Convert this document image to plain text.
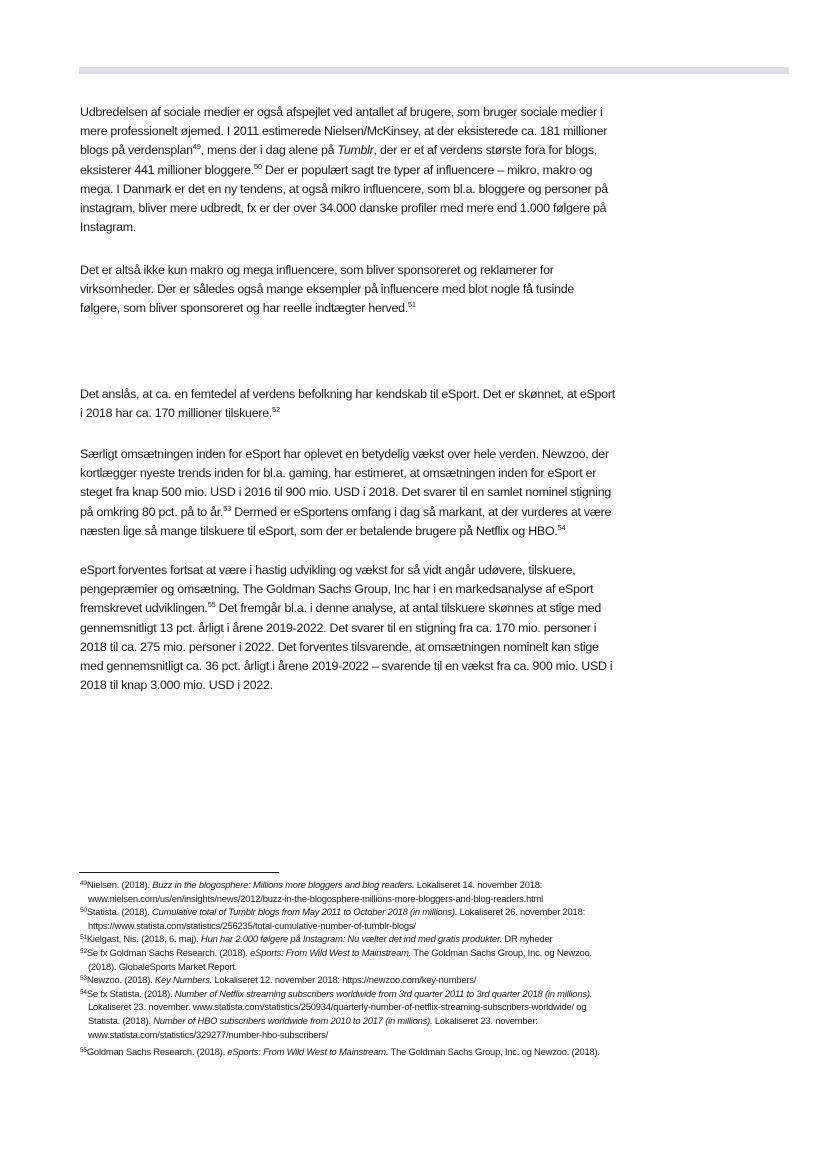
Udbredelsen af sociale medier er også afspejlet ved antallet af brugere, som bruger sociale medier i mere professionelt øjemed. I 2011 estimerede Nielsen/McKinsey, at der eksisterede ca. 181 millioner blogs på verdensplan$^{49}$, mens der i dag alene på Tumblr, der er et af verdens største fora for blogs, eksisterer 441 millioner bloggere.$^{50}$ Der er populært sagt tre typer af influencere – mikro, makro og mega. I Danmark er det en ny tendens, at også mikro influencere, som bl.a. bloggere og personer på instagram, bliver mere udbredt, fx er der over 34.000 danske profiler med mere end 1.000 følgere på Instagram.

Det er altså ikke kun makro og mega influencere, som bliver sponsoreret og reklamerer for virksomheder. Der er således også mange eksempler på influencere med blot nogle få tusinde følgere, som bliver sponsoreret og har reelle indtægter herved.$^{51}$

Det anslås, at ca. en femtedel af verdens befolkning har kendskab til eSport. Det er skønnet, at eSport i 2018 har ca. 170 millioner tilskuere.$^{52}$

Særligt omsætningen inden for eSport har oplevet en betydelig vækst over hele verden. Newzoo, der kortlægger nyeste trends inden for bl.a. gaming, har estimeret, at omsætningen inden for eSport er steget fra knap 500 mio. USD i 2016 til 900 mio. USD i 2018. Det svarer til en samlet nominel stigning på omkring 80 pct. på to år.$^{53}$ Dermed er eSportens omfang i dag så markant, at der vurderes at være næsten lige så mange tilskuere til eSport, som der er betalende brugere på Netflix og HBO.$^{54}$

eSport forventes fortsat at være i hastig udvikling og vækst for så vidt angår udøvere, tilskuere, pengepræmier og omsætning. The Goldman Sachs Group, Inc har i en markedsanalyse af eSport fremskrevet udviklingen.$^{55}$ Det fremgår bl.a. i denne analyse, at antal tilskuere skønnes at stige med gennemsnitligt 13 pct. årligt i årene 2019-2022. Det svarer til en stigning fra ca. 170 mio. personer i 2018 til ca. 275 mio. personer i 2022. Det forventes tilsvarende, at omsætningen nominelt kan stige med gennemsnitligt ca. 36 pct. årligt i årene 2019-2022 – svarende til en vækst fra ca. 900 mio. USD i 2018 til knap 3.000 mio. USD i 2022.

$^{49}$Nielsen. (2018). Buzz in the blogosphere: Millions more bloggers and blog readers. Lokaliseret 14. november 2018: www.nielsen.com/us/en/insights/news/2012/buzz-in-the-blogosphere-millions-more-bloggers-and-blog-readers.html

$^{50}$Statista. (2018). Cumulative total of Tumblr blogs from May 2011 to October 2018 (in millions). Lokaliseret 26. november 2018: https://www.statista.com/statistics/256235/total-cumulative-number-of-tumblr-blogs/

$^{51}$Kielgast, Nis. (2018, 6. maj). Hun har 2.000 følgere på Instagram: Nu vælter det ind med gratis produkter. DR nyheder

$^{52}$Se fx Goldman Sachs Research. (2018). eSports: From Wild West to Mainstream. The Goldman Sachs Group, Inc. og Newzoo. (2018). GlobaleSports Market Report.

$^{53}$Newzoo. (2018). Key Numbers. Lokaliseret 12. november 2018: https://newzoo.com/key-numbers/

$^{54}$Se fx Statista. (2018). Number of Netflix streaming subscribers worldwide from 3rd quarter 2011 to 3rd quarter 2018 (in millions). Lokaliseret 23. november. www.statista.com/statistics/250934/quarterly-number-of-netflix-streaming-subscribers-worldwide/ og Statista. (2018). Number of HBO subscribers worldwide from 2010 to 2017 (in millions). Lokaliseret 23. november: www.statista.com/statistics/329277/number-hbo-subscribers/

$^{55}$Goldman Sachs Research. (2018). eSports: From Wild West to Mainstream. The Goldman Sachs Group, Inc. og Newzoo. (2018).
